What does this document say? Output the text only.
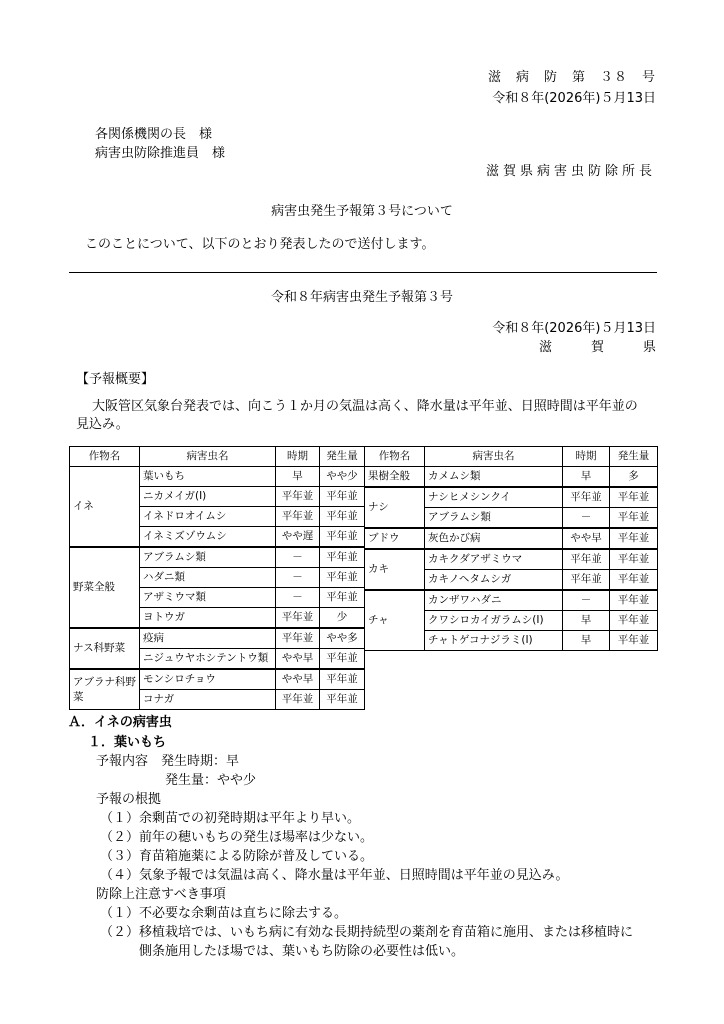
滋　病　防　第　３８　号
令和８年(2026年)５月13日
各関係機関の長　様
病害虫防除推進員　様
滋賀県病害虫防除所長
病害虫発生予報第３号について
このことについて、以下のとおり発表したので送付します。
令和８年病害虫発生予報第３号
令和８年(2026年)５月13日
滋　　　賀　　　県
【予報概要】
大阪管区気象台発表では、向こう１か月の気温は高く、降水量は平年並、日照時間は平年並の
見込み。
作物名	病害虫名	時期	発生量
イネ	葉いもち	早	やや少
	ニカメイガ(Ⅰ)	平年並	平年並
	イネドロオイムシ	平年並	平年並
	イネミズゾウムシ	やや遅	平年並
野菜全般	アブラムシ類	－	平年並
	ハダニ類	－	平年並
	アザミウマ類	－	平年並
	ヨトウガ	平年並	少
ナス科野菜	疫病	平年並	やや多
	ニジュウヤホシテントウ類	やや早	平年並
アブラナ科野菜	モンシロチョウ	やや早	平年並
	コナガ	平年並	平年並
作物名	病害虫名	時期	発生量
果樹全般	カメムシ類	早	多
ナシ	ナシヒメシンクイ	平年並	平年並
	アブラムシ類	－	平年並
ブドウ	灰色かび病	やや早	平年並
カキ	カキクダアザミウマ	平年並	平年並
	カキノヘタムシガ	平年並	平年並
チャ	カンザワハダニ	－	平年並
	クワシロカイガラムシ(Ⅰ)	早	平年並
	チャトゲコナジラミ(Ⅰ)	早	平年並
Ａ．イネの病害虫
１．葉いもち
予報内容　発生時期：早
発生量：やや少
予報の根拠
（１）余剰苗での初発時期は平年より早い。
（２）前年の穂いもちの発生ほ場率は少ない。
（３）育苗箱施薬による防除が普及している。
（４）気象予報では気温は高く、降水量は平年並、日照時間は平年並の見込み。
防除上注意すべき事項
（１）不必要な余剰苗は直ちに除去する。
（２）移植栽培では、いもち病に有効な長期持続型の薬剤を育苗箱に施用、または移植時に
　　　側条施用したほ場では、葉いもち防除の必要性は低い。
